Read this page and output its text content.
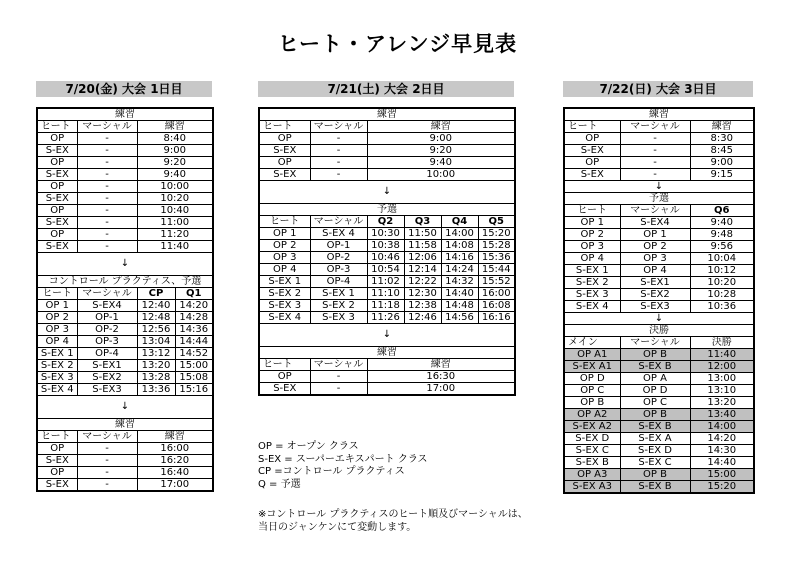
ヒート・アレンジ早見表
7/20(金) 大会 1日目	7/21(土) 大会 2日目	7/22(日) 大会 3日目
練習			
ヒート	マーシャル	練習	
OP	-	8:40	
S-EX	-	9:00	
OP	-	9:20	
S-EX	-	9:40	
OP	-	10:00	
S-EX	-	10:20	
OP	-	10:40	
S-EX	-	11:00	
OP	-	11:20	
S-EX	-	11:40	
↓			
コントロール プラクティス、予選			
ヒート	マーシャル	CP	Q1
OP 1	S-EX4	12:40	14:20
OP 2	OP-1	12:48	14:28
OP 3	OP-2	12:56	14:36
OP 4	OP-3	13:04	14:44
S-EX 1	OP-4	13:12	14:52
S-EX 2	S-EX1	13:20	15:00
S-EX 3	S-EX2	13:28	15:08
S-EX 4	S-EX3	13:36	15:16
↓			
練習			
ヒート	マーシャル	練習	
OP	-	16:00	
S-EX	-	16:20	
OP	-	16:40	
S-EX	-	17:00	
練習					
ヒート	マーシャル	練習			
OP	-	9:00			
S-EX	-	9:20			
OP	-	9:40			
S-EX	-	10:00			
↓					
予選					
ヒート	マーシャル	Q2	Q3	Q4	Q5
OP 1	S-EX 4	10:30	11:50	14:00	15:20
OP 2	OP-1	10:38	11:58	14:08	15:28
OP 3	OP-2	10:46	12:06	14:16	15:36
OP 4	OP-3	10:54	12:14	14:24	15:44
S-EX 1	OP-4	11:02	12:22	14:32	15:52
S-EX 2	S-EX 1	11:10	12:30	14:40	16:00
S-EX 3	S-EX 2	11:18	12:38	14:48	16:08
S-EX 4	S-EX 3	11:26	12:46	14:56	16:16
↓					
練習					
ヒート	マーシャル	練習			
OP	-	16:30			
S-EX	-	17:00			
練習		
ヒート	マーシャル	練習
OP	-	8:30
S-EX	-	8:45
OP	-	9:00
S-EX	-	9:15
↓		
予選		
ヒート	マーシャル	Q6
OP 1	S-EX4	9:40
OP 2	OP 1	9:48
OP 3	OP 2	9:56
OP 4	OP 3	10:04
S-EX 1	OP 4	10:12
S-EX 2	S-EX1	10:20
S-EX 3	S-EX2	10:28
S-EX 4	S-EX3	10:36
↓		
決勝		
メイン	マーシャル	決勝
OP A1	OP B	11:40
S-EX A1	S-EX B	12:00
OP D	OP A	13:00
OP C	OP D	13:10
OP B	OP C	13:20
OP A2	OP B	13:40
S-EX A2	S-EX B	14:00
S-EX D	S-EX A	14:20
S-EX C	S-EX D	14:30
S-EX B	S-EX C	14:40
OP A3	OP B	15:00
S-EX A3	S-EX B	15:20
OP = オープン クラス
S-EX = スーパーエキスパート クラス
CP =コントロール プラクティス
Q = 予選
※コントロール プラクティスのヒート順及びマーシャルは、
当日のジャンケンにて変動します。
